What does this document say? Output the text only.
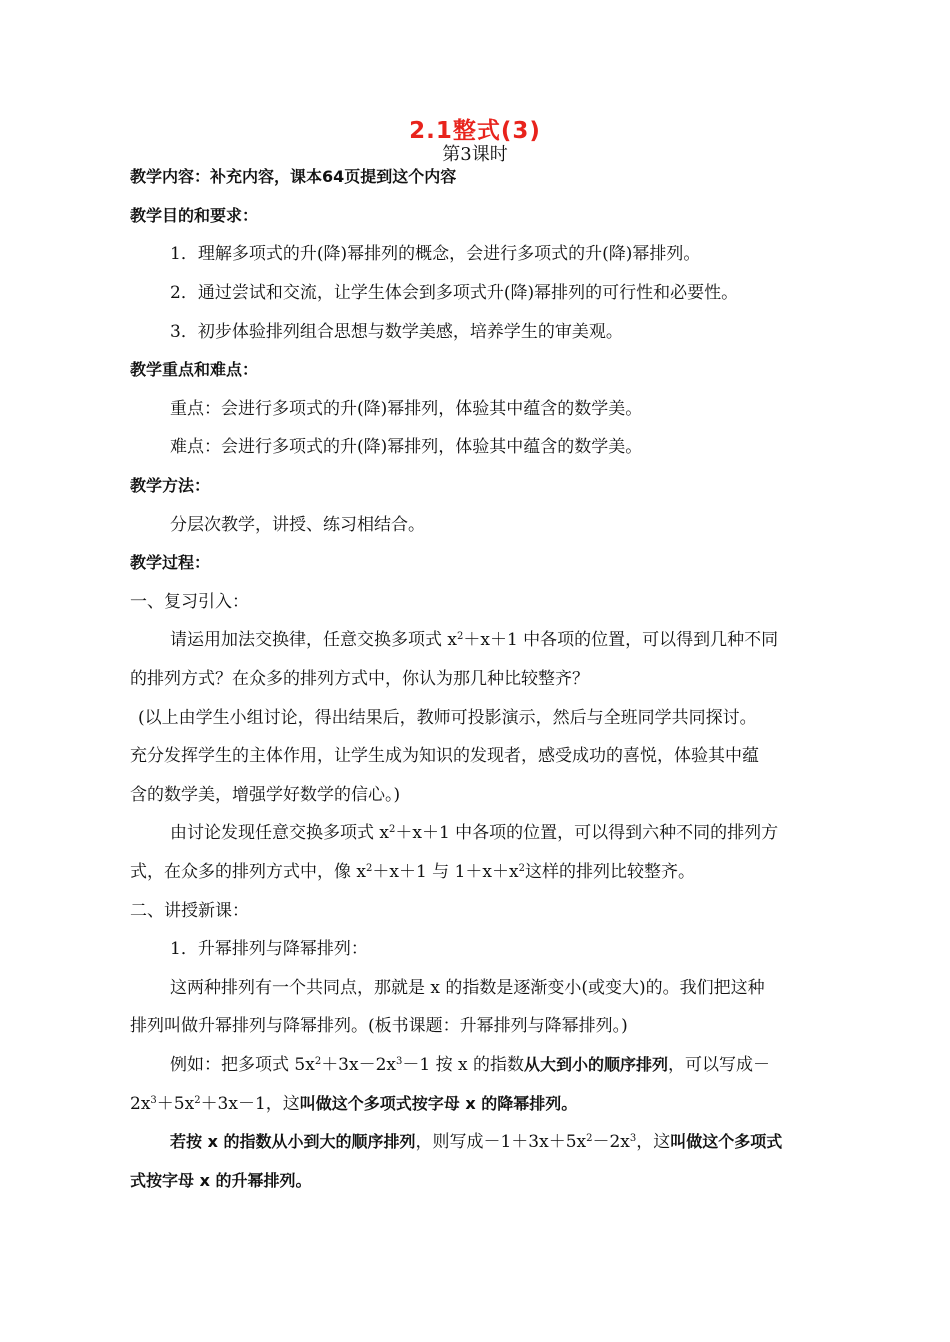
2.1整式(3)
第3课时
教学内容：补充内容，课本64页提到这个内容
教学目的和要求：
1．理解多项式的升(降)幂排列的概念，会进行多项式的升(降)幂排列。
2．通过尝试和交流，让学生体会到多项式升(降)幂排列的可行性和必要性。
3．初步体验排列组合思想与数学美感，培养学生的审美观。
教学重点和难点：
重点：会进行多项式的升(降)幂排列，体验其中蕴含的数学美。
难点：会进行多项式的升(降)幂排列，体验其中蕴含的数学美。
教学方法：
分层次教学，讲授、练习相结合。
教学过程：
一、复习引入：
请运用加法交换律，任意交换多项式 $x^2+x+1$ 中各项的位置，可以得到几种不同
的排列方式？在众多的排列方式中，你认为那几种比较整齐？
(以上由学生小组讨论，得出结果后，教师可投影演示，然后与全班同学共同探讨。
充分发挥学生的主体作用，让学生成为知识的发现者，感受成功的喜悦，体验其中蕴
含的数学美，增强学好数学的信心。)
由讨论发现任意交换多项式 $x^2+x+1$ 中各项的位置，可以得到六种不同的排列方
式，在众多的排列方式中，像 $x^2+x+1$ 与 $1+x+x^2$这样的排列比较整齐。
二、讲授新课：
1．升幂排列与降幂排列：
这两种排列有一个共同点，那就是 x 的指数是逐渐变小(或变大)的。我们把这种
排列叫做升幂排列与降幂排列。(板书课题：升幂排列与降幂排列。)
例如：把多项式 $5x^2+3x-2x^3-1$ 按 x 的指数从大到小的顺序排列，可以写成－
$2x^3+5x^2+3x-1$，这叫做这个多项式按字母 x 的降幂排列。
若按 x 的指数从小到大的顺序排列，则写成$-1+3x+5x^2-2x^3$，这叫做这个多项式
式按字母 x 的升幂排列。
